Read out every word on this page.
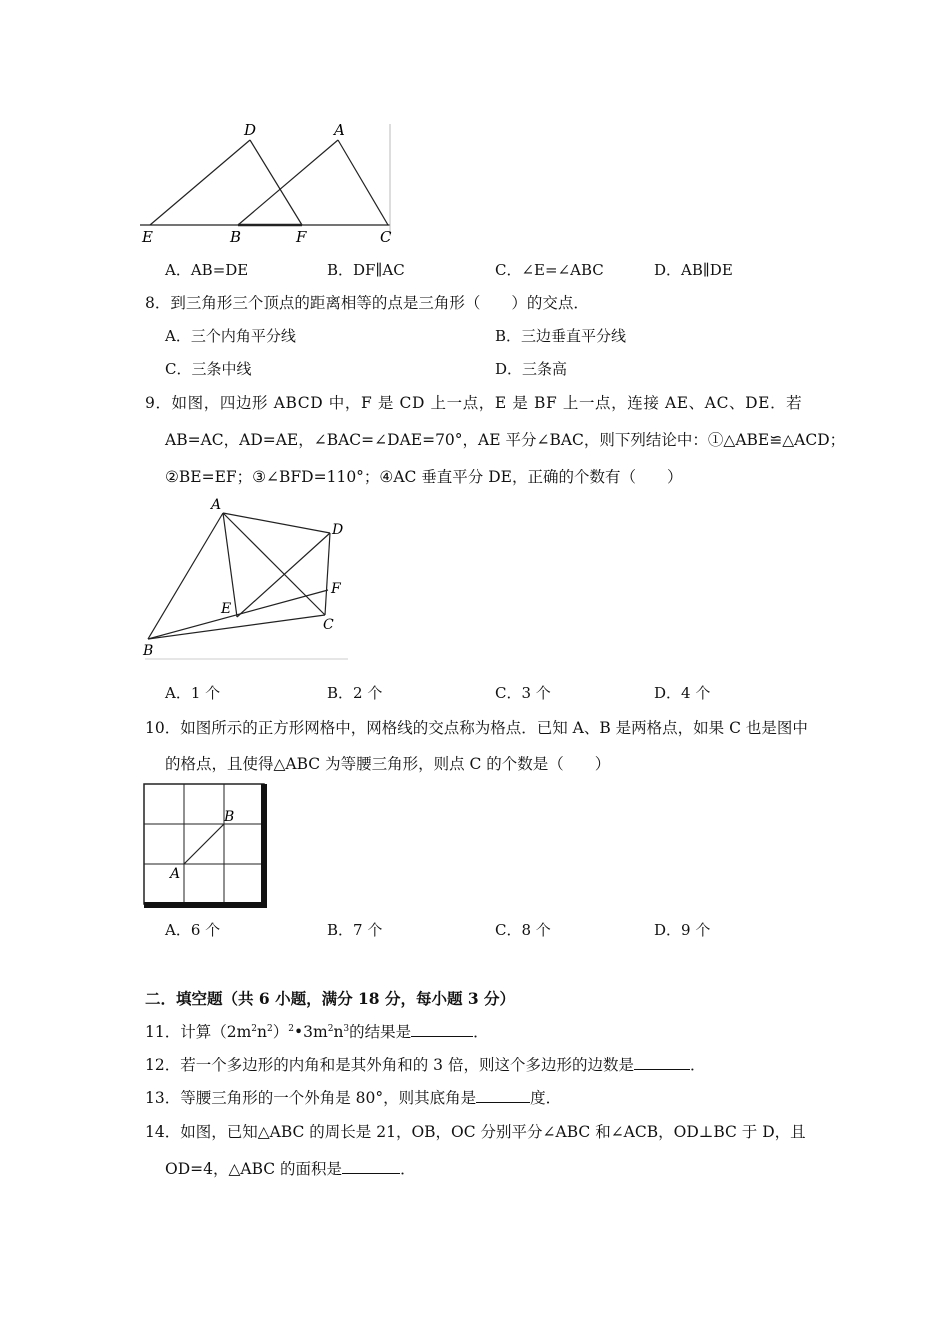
D	A
E	B	F	C
A．AB=DE	B．DF∥AC	C．∠E=∠ABC	D．AB∥DE
8．到三角形三个顶点的距离相等的点是三角形（　　）的交点．
A．三个内角平分线	B．三边垂直平分线
C．三条中线	D．三条高
9．如图，四边形 ABCD 中，F 是 CD 上一点，E 是 BF 上一点，连接 AE、AC、DE．若
AB=AC，AD=AE，∠BAC=∠DAE=70°，AE 平分∠BAC，则下列结论中：①△ABE≌△ACD；
②BE=EF；③∠BFD=110°；④AC 垂直平分 DE，正确的个数有（　　）
A
D
E
F
C
B
A．1 个	B．2 个	C．3 个	D．4 个
10．如图所示的正方形网格中，网格线的交点称为格点．已知 A、B 是两格点，如果 C 也是图中
的格点，且使得△ABC 为等腰三角形，则点 C 的个数是（　　）
B
A
A．6 个	B．7 个	C．8 个	D．9 个
二．填空题（共 6 小题，满分 18 分，每小题 3 分）
11．计算$(2m^2n^2)^2•3m^2n^3$的结果是	．
12．若一个多边形的内角和是其外角和的 3 倍，则这个多边形的边数是	．
13．等腰三角形的一个外角是 80°，则其底角是	度．
14．如图，已知△ABC 的周长是 21，OB，OC 分别平分∠ABC 和∠ACB，OD⊥BC 于 D，且
OD=4，△ABC 的面积是	．
